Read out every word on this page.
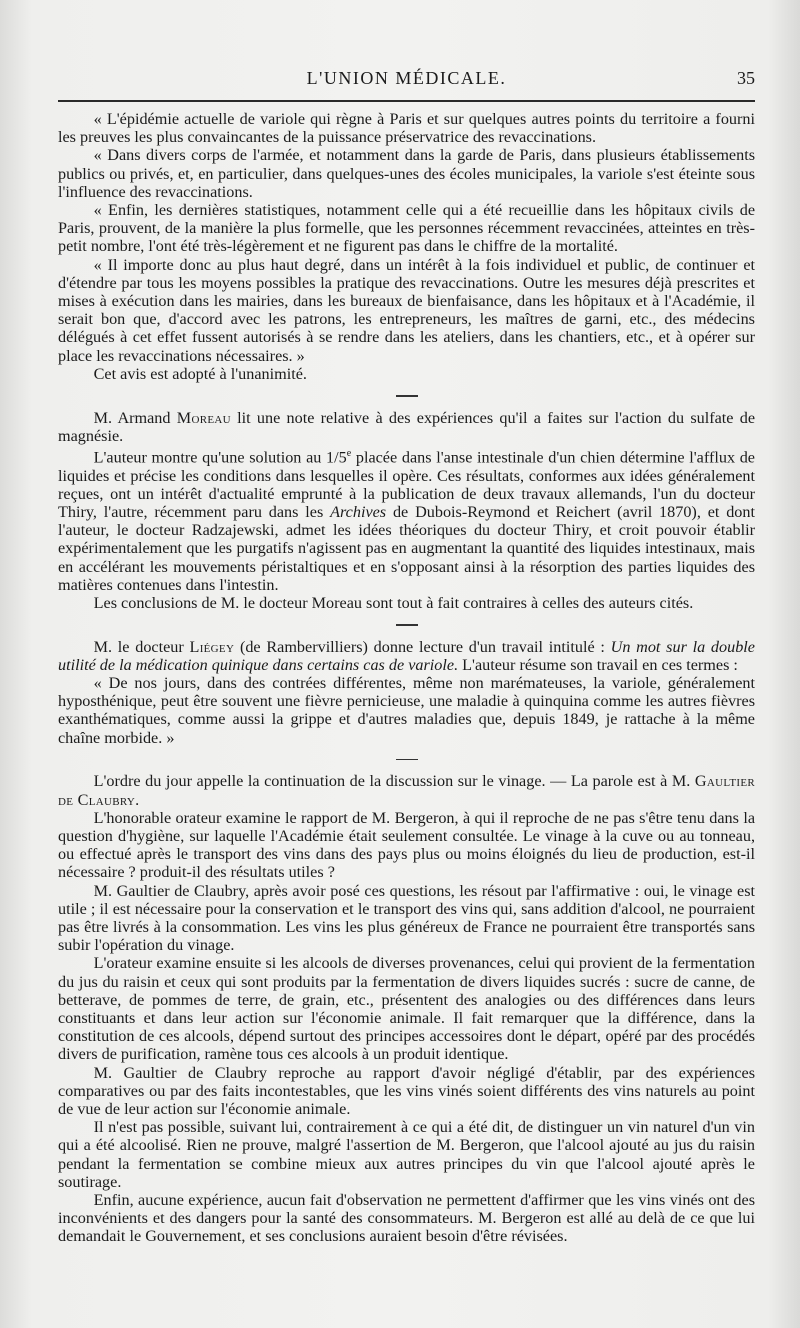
L'UNION MÉDICALE.	35

« L'épidémie actuelle de variole qui règne à Paris et sur quelques autres points du territoire a fourni les preuves les plus convaincantes de la puissance préservatrice des revaccinations.

« Dans divers corps de l'armée, et notamment dans la garde de Paris, dans plusieurs établissements publics ou privés, et, en particulier, dans quelques-unes des écoles municipales, la variole s'est éteinte sous l'influence des revaccinations.

« Enfin, les dernières statistiques, notamment celle qui a été recueillie dans les hôpitaux civils de Paris, prouvent, de la manière la plus formelle, que les personnes récemment revaccinées, atteintes en très-petit nombre, l'ont été très-légèrement et ne figurent pas dans le chiffre de la mortalité.

« Il importe donc au plus haut degré, dans un intérêt à la fois individuel et public, de continuer et d'étendre par tous les moyens possibles la pratique des revaccinations. Outre les mesures déjà prescrites et mises à exécution dans les mairies, dans les bureaux de bienfaisance, dans les hôpitaux et à l'Académie, il serait bon que, d'accord avec les patrons, les entrepreneurs, les maîtres de garni, etc., des médecins délégués à cet effet fussent autorisés à se rendre dans les ateliers, dans les chantiers, etc., et à opérer sur place les revaccinations nécessaires. »

Cet avis est adopté à l'unanimité.

M. Armand Moreau lit une note relative à des expériences qu'il a faites sur l'action du sulfate de magnésie.

L'auteur montre qu'une solution au 1/5e placée dans l'anse intestinale d'un chien détermine l'afflux de liquides et précise les conditions dans lesquelles il opère. Ces résultats, conformes aux idées généralement reçues, ont un intérêt d'actualité emprunté à la publication de deux travaux allemands, l'un du docteur Thiry, l'autre, récemment paru dans les Archives de Dubois-Reymond et Reichert (avril 1870), et dont l'auteur, le docteur Radzajewski, admet les idées théoriques du docteur Thiry, et croit pouvoir établir expérimentalement que les purgatifs n'agissent pas en augmentant la quantité des liquides intestinaux, mais en accélérant les mouvements péristaltiques et en s'opposant ainsi à la résorption des parties liquides des matières contenues dans l'intestin.

Les conclusions de M. le docteur Moreau sont tout à fait contraires à celles des auteurs cités.

M. le docteur Liégey (de Rambervilliers) donne lecture d'un travail intitulé : Un mot sur la double utilité de la médication quinique dans certains cas de variole. L'auteur résume son travail en ces termes :

« De nos jours, dans des contrées différentes, même non marémateuses, la variole, généralement hyposthénique, peut être souvent une fièvre pernicieuse, une maladie à quinquina comme les autres fièvres exanthématiques, comme aussi la grippe et d'autres maladies que, depuis 1849, je rattache à la même chaîne morbide. »

L'ordre du jour appelle la continuation de la discussion sur le vinage. — La parole est à M. Gaultier de Claubry.

L'honorable orateur examine le rapport de M. Bergeron, à qui il reproche de ne pas s'être tenu dans la question d'hygiène, sur laquelle l'Académie était seulement consultée. Le vinage à la cuve ou au tonneau, ou effectué après le transport des vins dans des pays plus ou moins éloignés du lieu de production, est-il nécessaire ? produit-il des résultats utiles ?

M. Gaultier de Claubry, après avoir posé ces questions, les résout par l'affirmative : oui, le vinage est utile ; il est nécessaire pour la conservation et le transport des vins qui, sans addition d'alcool, ne pourraient pas être livrés à la consommation. Les vins les plus généreux de France ne pourraient être transportés sans subir l'opération du vinage.

L'orateur examine ensuite si les alcools de diverses provenances, celui qui provient de la fermentation du jus du raisin et ceux qui sont produits par la fermentation de divers liquides sucrés : sucre de canne, de betterave, de pommes de terre, de grain, etc., présentent des analogies ou des différences dans leurs constituants et dans leur action sur l'économie animale. Il fait remarquer que la différence, dans la constitution de ces alcools, dépend surtout des principes accessoires dont le départ, opéré par des procédés divers de purification, ramène tous ces alcools à un produit identique.

M. Gaultier de Claubry reproche au rapport d'avoir négligé d'établir, par des expériences comparatives ou par des faits incontestables, que les vins vinés soient différents des vins naturels au point de vue de leur action sur l'économie animale.

Il n'est pas possible, suivant lui, contrairement à ce qui a été dit, de distinguer un vin naturel d'un vin qui a été alcoolisé. Rien ne prouve, malgré l'assertion de M. Bergeron, que l'alcool ajouté au jus du raisin pendant la fermentation se combine mieux aux autres principes du vin que l'alcool ajouté après le soutirage.

Enfin, aucune expérience, aucun fait d'observation ne permettent d'affirmer que les vins vinés ont des inconvénients et des dangers pour la santé des consommateurs. M. Bergeron est allé au delà de ce que lui demandait le Gouvernement, et ses conclusions auraient besoin d'être révisées.
